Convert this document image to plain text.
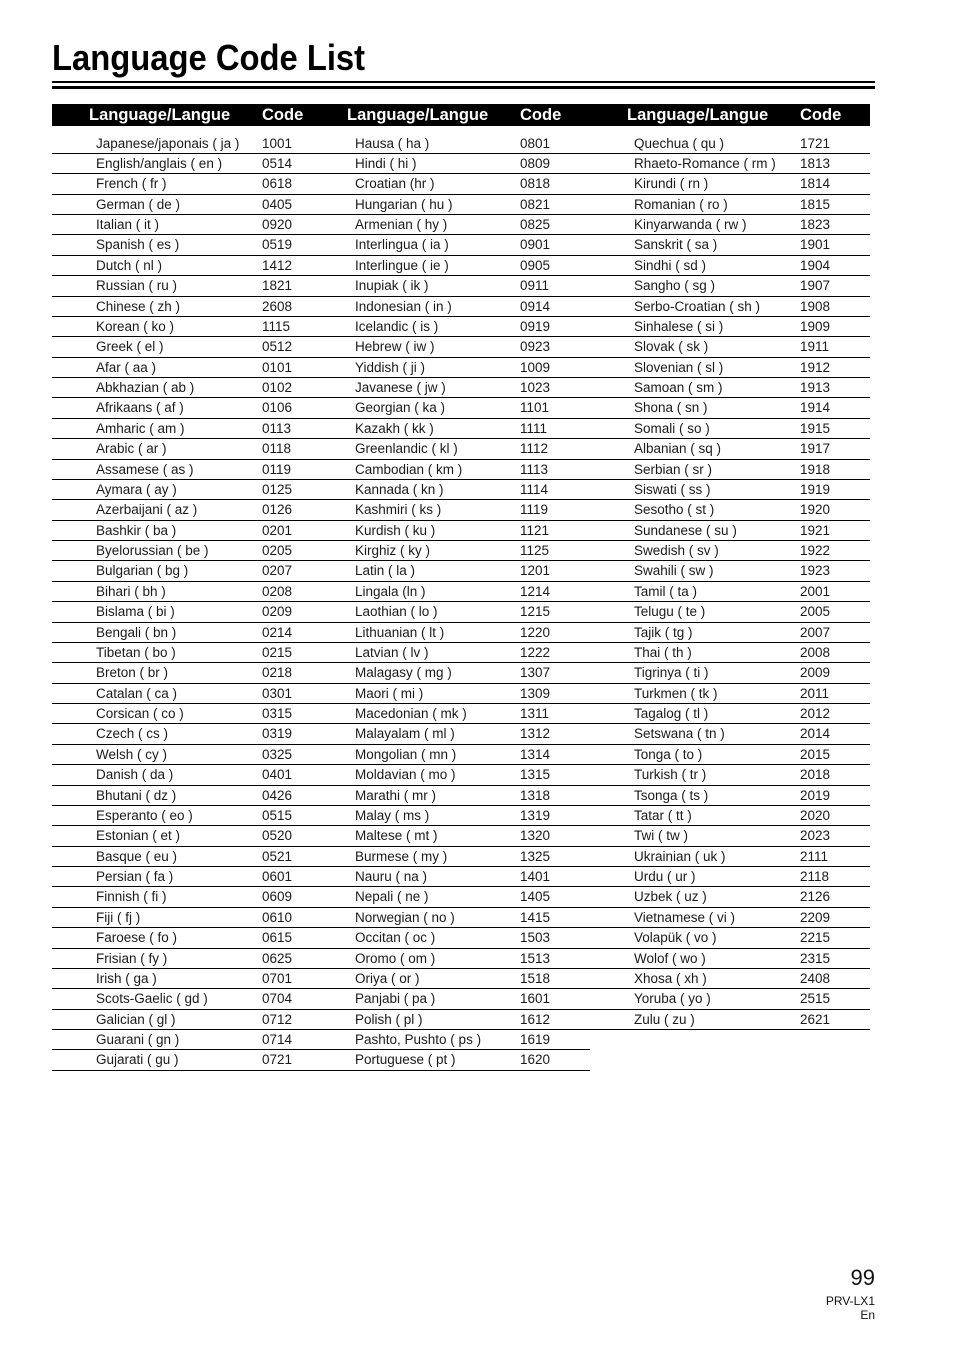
Language Code List
Language/Langue Code	Language/Langue Code	Language/Langue Code
Japanese/japonais ( ja ) 1001
English/anglais ( en )	0514
French ( fr )	0618
German ( de )	0405
Italian ( it )	0920
Spanish ( es )	0519
Dutch ( nl )	1412
Russian ( ru )	1821
Chinese ( zh )	2608
Korean ( ko )	1115
Greek ( el )	0512
Afar ( aa )	0101
Abkhazian ( ab )	0102
Afrikaans ( af )	0106
Amharic ( am )	0113
Arabic ( ar )	0118
Assamese ( as )	0119
Aymara ( ay )	0125
Azerbaijani ( az )	0126
Bashkir ( ba )	0201
Byelorussian ( be )	0205
Bulgarian ( bg )	0207
Bihari ( bh )	0208
Bislama ( bi )	0209
Bengali ( bn )	0214
Tibetan ( bo )	0215
Breton ( br )	0218
Catalan ( ca )	0301
Corsican ( co )	0315
Czech ( cs )	0319
Welsh ( cy )	0325
Danish ( da )	0401
Bhutani ( dz )	0426
Esperanto ( eo )	0515
Estonian ( et )	0520
Basque ( eu )	0521
Persian ( fa )	0601
Finnish ( fi )	0609
Fiji ( fj )	0610
Faroese ( fo )	0615
Frisian ( fy )	0625
Irish ( ga )	0701
Scots-Gaelic ( gd )	0704
Galician ( gl )	0712
Guarani ( gn )	0714
Gujarati ( gu )	0721
Hausa ( ha )	0801
Hindi ( hi )	0809
Croatian (hr )	0818
Hungarian ( hu )	0821
Armenian ( hy )	0825
Interlingua ( ia )	0901
Interlingue ( ie )	0905
Inupiak ( ik )	0911
Indonesian ( in )	0914
Icelandic ( is )	0919
Hebrew ( iw )	0923
Yiddish ( ji )	1009
Javanese ( jw )	1023
Georgian ( ka )	1101
Kazakh ( kk )	1111
Greenlandic ( kl )	1112
Cambodian ( km )	1113
Kannada ( kn )	1114
Kashmiri ( ks )	1119
Kurdish ( ku )	1121
Kirghiz ( ky )	1125
Latin ( la )	1201
Lingala (ln )	1214
Laothian ( lo )	1215
Lithuanian ( lt )	1220
Latvian ( lv )	1222
Malagasy ( mg )	1307
Maori ( mi )	1309
Macedonian ( mk )	1311
Malayalam ( ml )	1312
Mongolian ( mn )	1314
Moldavian ( mo )	1315
Marathi ( mr )	1318
Malay ( ms )	1319
Maltese ( mt )	1320
Burmese ( my )	1325
Nauru ( na )	1401
Nepali ( ne )	1405
Norwegian ( no )	1415
Occitan ( oc )	1503
Oromo ( om )	1513
Oriya ( or )	1518
Panjabi ( pa )	1601
Polish ( pl )	1612
Pashto, Pushto ( ps )	1619
Portuguese ( pt )	1620
Quechua ( qu )	1721
Rhaeto-Romance ( rm ) 1813
Kirundi ( rn )	1814
Romanian ( ro )	1815
Kinyarwanda ( rw )	1823
Sanskrit ( sa )	1901
Sindhi ( sd )	1904
Sangho ( sg )	1907
Serbo-Croatian ( sh )	1908
Sinhalese ( si )	1909
Slovak ( sk )	1911
Slovenian ( sl )	1912
Samoan ( sm )	1913
Shona ( sn )	1914
Somali ( so )	1915
Albanian ( sq )	1917
Serbian ( sr )	1918
Siswati ( ss )	1919
Sesotho ( st )	1920
Sundanese ( su )	1921
Swedish ( sv )	1922
Swahili ( sw )	1923
Tamil ( ta )	2001
Telugu ( te )	2005
Tajik ( tg )	2007
Thai ( th )	2008
Tigrinya ( ti )	2009
Turkmen ( tk )	2011
Tagalog ( tl )	2012
Setswana ( tn )	2014
Tonga ( to )	2015
Turkish ( tr )	2018
Tsonga ( ts )	2019
Tatar ( tt )	2020
Twi ( tw )	2023
Ukrainian ( uk )	2111
Urdu ( ur )	2118
Uzbek ( uz )	2126
Vietnamese ( vi )	2209
Volapük ( vo )	2215
Wolof ( wo )	2315
Xhosa ( xh )	2408
Yoruba ( yo )	2515
Zulu ( zu )	2621
99
PRV-LX1
En
